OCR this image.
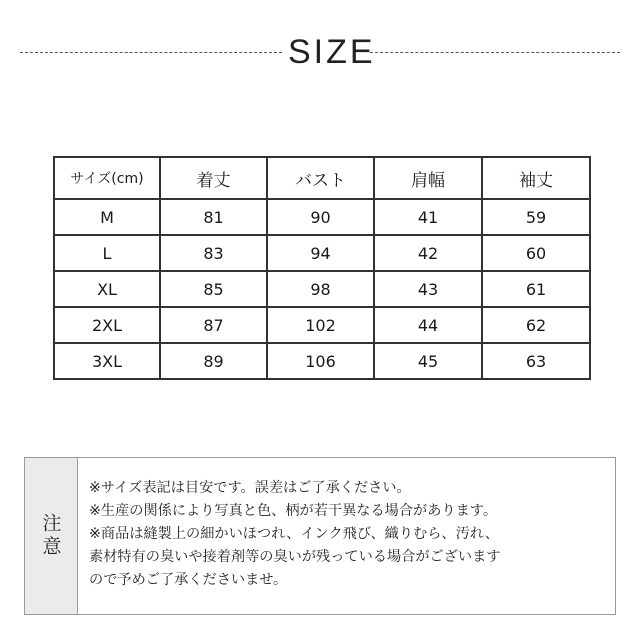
SIZE
サイズ(cm)	着丈	バスト	肩幅	袖丈
M	81	90	41	59
L	83	94	42	60
XL	85	98	43	61
2XL	87	102	44	62
3XL	89	106	45	63
注意
※サイズ表記は目安です。誤差はご了承ください。
※生産の関係により写真と色、柄が若干異なる場合があります。
※商品は縫製上の細かいほつれ、インク飛び、織りむら、汚れ、
素材特有の臭いや接着剤等の臭いが残っている場合がございます
ので予めご了承くださいませ。
